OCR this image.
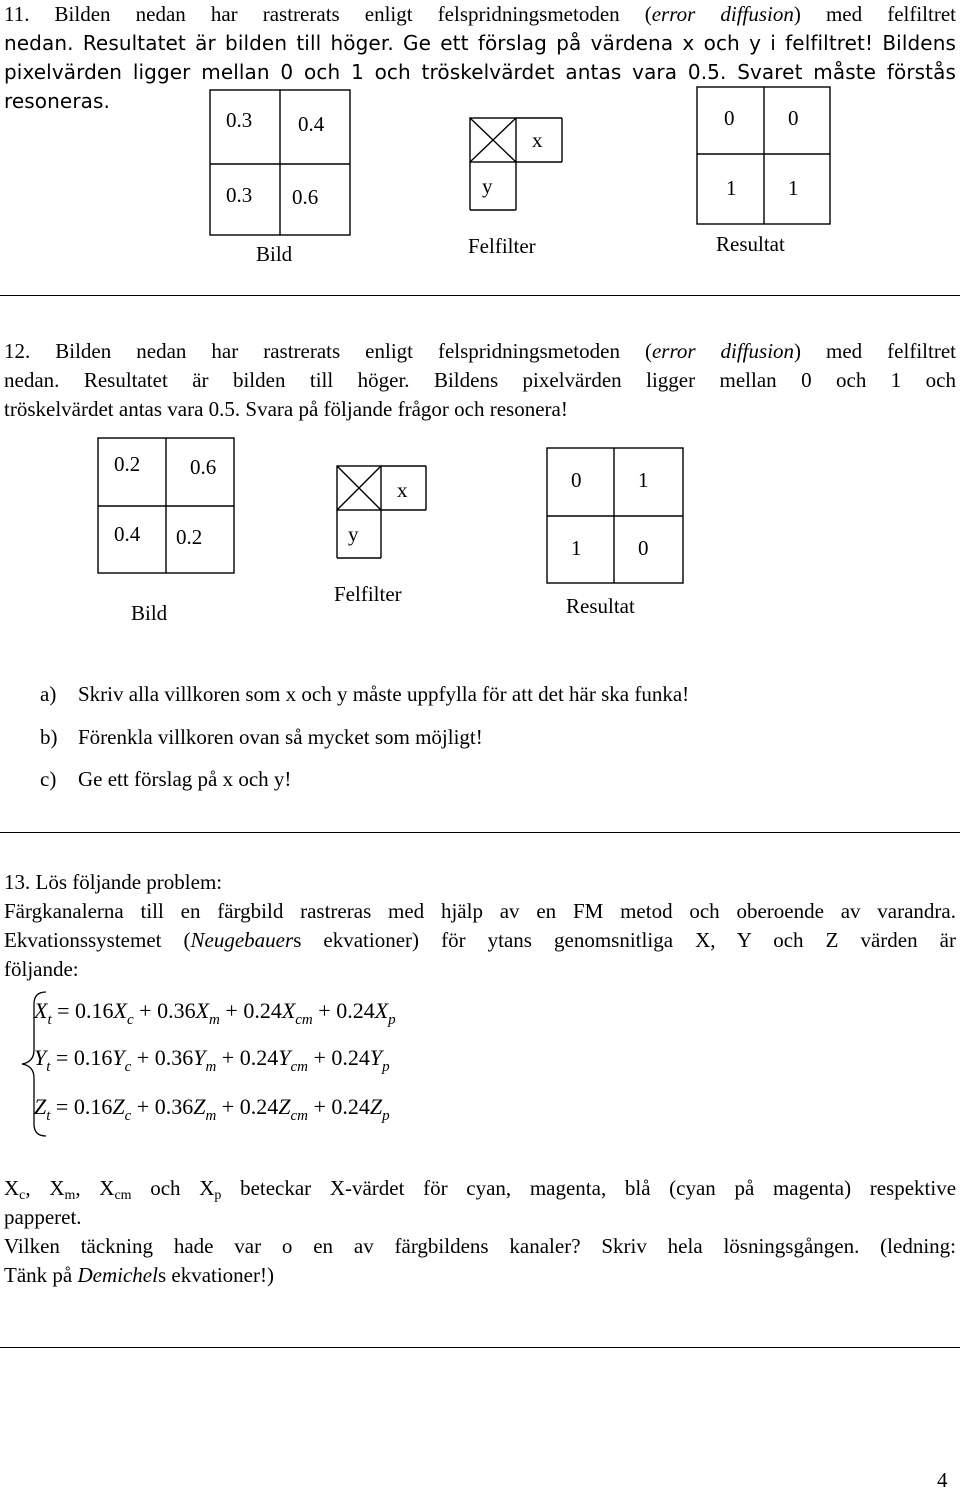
11. Bilden nedan har rastrerats enligt felspridningsmetoden (error diffusion) med felfiltret
nedan. Resultatet är bilden till höger. Ge ett förslag på värdena x och y i felfiltret! Bildens pixelvärden ligger mellan 0 och 1 och tröskelvärdet antas vara 0.5. Svaret måste förstås resoneras.
0.3 0.4
0.3 0.6
Bild
x
y
Felfilter
0	0
1 1
Resultat
12. Bilden nedan har rastrerats enligt felspridningsmetoden (error diffusion) med felfiltret
nedan. Resultatet är bilden till höger. Bildens pixelvärden ligger mellan 0 och 1 och
tröskelvärdet antas vara 0.5. Svara på följande frågor och resonera!
0.2 0.6
0.4 0.2
Bild
x
y
Felfilter
0	1
1	0
Resultat
a) Skriv alla villkoren som x och y måste uppfylla för att det här ska funka!
b) Förenkla villkoren ovan så mycket som möjligt!
c) Ge ett förslag på x och y!
13. Lös följande problem:
Färgkanalerna till en färgbild rastreras med hjälp av en FM metod och oberoende av varandra.
Ekvationssystemet (Neugebauers ekvationer) för ytans genomsnitliga X, Y och Z värden är
följande:
$X_t = 0.16X_c + 0.36X_m + 0.24X_{cm} + 0.24X_p$
$Y_t = 0.16Y_c + 0.36Y_m + 0.24Y_{cm} + 0.24Y_p$
$Z_t = 0.16Z_c + 0.36Z_m + 0.24Z_{cm} + 0.24Z_p$
Xc, Xm, Xcm och Xp beteckar X-värdet för cyan, magenta, blå (cyan på magenta) respektive
papperet.
Vilken täckning hade var o en av färgbildens kanaler? Skriv hela lösningsgången. (ledning:
Tänk på Demichels ekvationer!)
4
